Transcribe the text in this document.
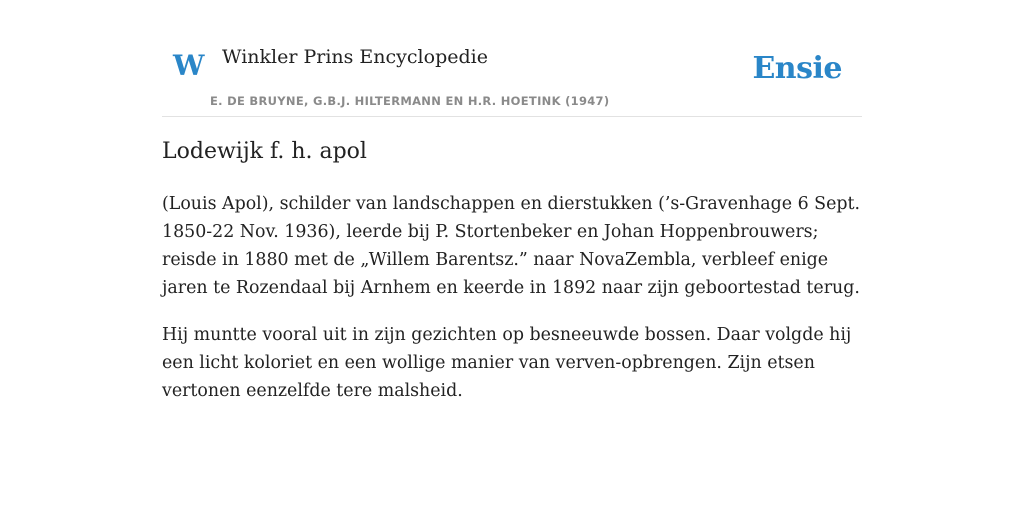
W Winkler Prins Encyclopedie
E. DE BRUYNE, G.B.J. HILTERMANN EN H.R. HOETINK (1947)
Ensie
Lodewijk f. h. apol

(Louis Apol), schilder van landschappen en dierstukken (’s-Gravenhage 6 Sept. 1850-22 Nov. 1936), leerde bij P. Stortenbeker en Johan Hoppenbrouwers; reisde in 1880 met de „Willem Barentsz.” naar NovaZembla, verbleef enige jaren te Rozendaal bij Arnhem en keerde in 1892 naar zijn geboortestad terug.

Hij muntte vooral uit in zijn gezichten op besneeuwde bossen. Daar volgde hij een licht koloriet en een wollige manier van verven-opbrengen. Zijn etsen vertonen eenzelfde tere malsheid.
